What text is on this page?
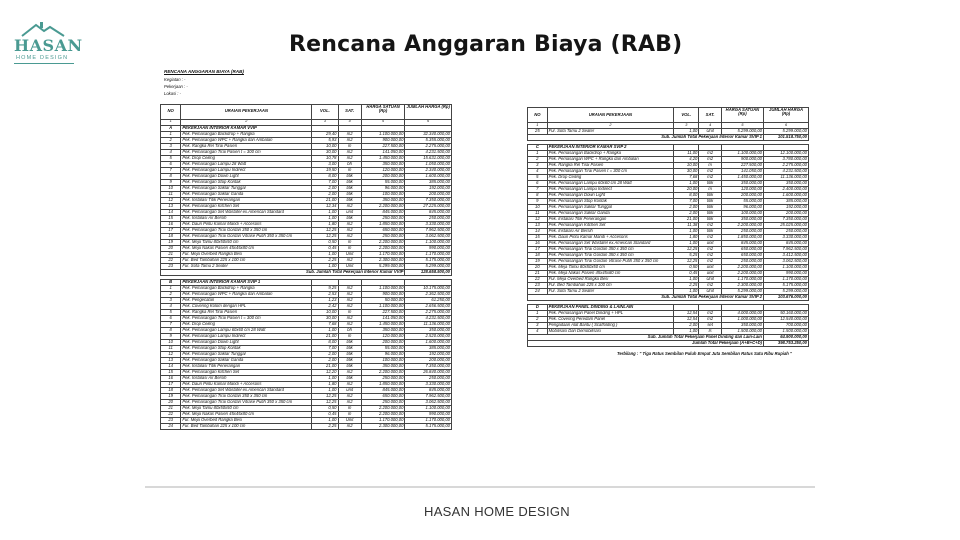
HASAN
HOME DESIGN
Rencana Anggaran Biaya (RAB)
RENCANA ANGGARAN BIAYA (RAB)
Kegiatan : -
Pekerjaan : -
Lokasi : -
NO	URAIAN PEKERJAAN	VOL.	SAT.	HARGA SATUAN (Rp)	JUMLAH HARGA (Rp)
1	2	3	4	5	6
A	PEKERJAAN INTERIOR KAMAR VVIP				
1	Pek. Pemasangan Backdrop + Rangka	29,40	m2	1.100.000,00	32.340.000,00
2	Pek. Pemasangan WPC + Rangka dan Ambalan	5,93	m2	900.000,00	5.355.000,00
3	Pek. Rangka Rel Tirai Pasien	10,00	m	227.500,00	2.275.000,00
4	Pek. Pemasangan Tirai Pasien t = 300 cm	30,00	m2	141.050,00	4.231.500,00
5	Pek. Drop Ceiling	10,78	m2	1.450.000,00	15.631.000,00
6	Pek. Pemasangan Lampu 28 Watt	3,00	bh	350.000,00	1.050.000,00
7	Pek. Pemasangan Lampu Indirect	19,50	m	120.000,00	2.340.000,00
8	Pek. Pemasangan Down Light	8,00	titik	200.000,00	1.600.000,00
9	Pek. Pemasangan Stop Kontak	7,00	titik	55.000,00	385.000,00
10	Pek. Pemasangan Saklar Tunggal	2,00	titik	96.000,00	192.000,00
11	Pek. Pemasangan Saklar Ganda	2,00	titik	100.000,00	200.000,00
12	Pek. Instalasi Titik Penerangan	21,00	titik	350.000,00	7.350.000,00
13	Pek. Pemasangan Kitchen Set	12,34	m2	2.200.000,00	27.225.000,00
14	Pek. Pemasangan Set Wastafel ex.American Standard	1,00	unit	845.000,00	845.000,00
15	Pek. Instalasi Air Bersih	1,00	titik	250.000,00	250.000,00
16	Pek. Daun Pintu Kamar Mandi + Accesoris	1,80	m2	1.850.000,00	3.330.000,00
17	Pek. Pemasangan Tirai Gordan 350 x 350 cm	12,25	m2	650.000,00	7.962.500,00
18	Pek. Pemasangan Tirai Gordan Vitrase Putih 350 x 350 cm	12,25	m2	250.000,00	3.062.500,00
19	Pek. Meja Tamu 80x50x50 cm	0,50	m	2.200.000,00	1.100.000,00
20	Pek. Meja Nakas Pasien 45x45x80 cm	0,45	m	2.200.000,00	990.000,00
21	Fur. Meja Overbed Rangka Besi	1,00	Unit	1.170.000,00	1.170.000,00
22	Fur. Bed Tambahan 225 x 100 cm	2,25	m2	2.300.000,00	5.175.000,00
23	Fur. Sofa Tamu 2 Seater	1,00	Unit	5.299.000,00	5.299.000,00
Sub. Jumlah Total Pekerjaan Interior Kamar VVIP					128.658.500,00

B	PEKERJAAN INTERIOR KAMAR SVIP 1				
1	Pek. Pemasangan Backdrop + Rangka	9,25	m2	1.100.000,00	10.175.000,00
2	Pek. Pemasangan WPC + Rangka dan Ambalan	2,53	m2	900.000,00	2.362.500,00
3	Pek. Pengecatan	1,23	m2	50.000,00	61.250,00
4	Pek. Covering Kolom dengan HPL	2,42	m2	1.100.000,00	2.656.500,00
5	Pek. Rangka Rel Tirai Pasien	10,00	m	227.500,00	2.275.000,00
6	Pek. Pemasangan Tirai Pasien t = 300 cm	30,00	m2	141.050,00	4.231.500,00
7	Pek. Drop Ceiling	7,68	m2	1.450.000,00	11.136.000,00
8	Pek. Pemasangan Lampu 60x60 cm 28 Watt	1,00	bh	350.000,00	350.000,00
9	Pek. Pemasangan Lampu Indirect	21,00	m	120.000,00	2.520.000,00
10	Pek. Pemasangan Down Light	8,00	titik	200.000,00	1.600.000,00
11	Pek. Pemasangan Stop Kontak	7,00	titik	55.000,00	385.000,00
12	Pek. Pemasangan Saklar Tunggal	2,00	titik	96.000,00	192.000,00
13	Pek. Pemasangan Saklar Ganda	2,00	titik	100.000,00	200.000,00
14	Pek. Instalasi Titik Penerangan	21,00	titik	350.000,00	7.350.000,00
15	Pek. Pemasangan Kitchen Set	12,20	m2	2.200.000,00	26.840.000,00
16	Pek. Instalasi Air Bersih	1,00	titik	250.000,00	250.000,00
17	Pek. Daun Pintu Kamar Mandi + Accesoris	1,80	m2	1.850.000,00	3.330.000,00
18	Pek. Pemasangan Set Wastafel ex.American Standard	1,00	unit	845.000,00	845.000,00
19	Pek. Pemasangan Tirai Gordan 350 x 350 cm	12,25	m2	650.000,00	7.962.500,00
20	Pek. Pemasangan Tirai Gordan Vitrase Putih 350 x 350 cm	12,25	m2	250.000,00	3.062.500,00
21	Pek. Meja Tamu 80x50x50 cm	0,50	m	2.200.000,00	1.100.000,00
22	Pek. Meja Nakas Pasien 45x45x80 cm	0,45	m	2.200.000,00	990.000,00
23	Fur. Meja Overbed Rangka Besi	1,00	Unit	1.170.000,00	1.170.000,00
24	Fur. Bed Tambahan 225 x 100 cm	2,25	m2	2.300.000,00	5.175.000,00
NO	URAIAN PEKERJAAN	VOL.	SAT.	HARGA SATUAN (Rp)	JUMLAH HARGA (Rp)
1	2	3	4	5	6
25	Fur. Sofa Tamu 2 Seater	1,00	Unit	5.299.000,00	5.299.000,00
Sub. Jumlah Total Pekerjaan Interior Kamar SVIP 1					101.518.750,00

C	PEKERJAAN INTERIOR KAMAR SVIP 2				
1	Pek. Pemasangan Backdrop + Rangka	11,00	m2	1.100.000,00	12.100.000,00
2	Pek. Pemasangan WPC + Rangka dan Ambalan	4,20	m2	900.000,00	3.780.000,00
3	Pek. Rangka Rel Tirai Pasien	10,00	m	227.500,00	2.275.000,00
4	Pek. Pemasangan Tirai Pasien t = 300 cm	30,00	m2	141.050,00	4.231.500,00
5	Pek. Drop Ceiling	7,68	m2	1.450.000,00	11.136.000,00
6	Pek. Pemasangan Lampu 60x60 cm 28 Watt	1,00	titik	350.000,00	350.000,00
7	Pek. Pemasangan Lampu Indirect	20,00	m	120.000,00	2.400.000,00
8	Pek. Pemasangan Down Light	8,00	titik	200.000,00	1.600.000,00
9	Pek. Pemasangan Stop Kontak	7,00	titik	55.000,00	385.000,00
10	Pek. Pemasangan Saklar Tunggal	2,00	titik	96.000,00	192.000,00
11	Pek. Pemasangan Saklar Ganda	2,00	titik	100.000,00	200.000,00
12	Pek. Instalasi Titik Penerangan	21,00	titik	350.000,00	7.350.000,00
13	Pek. Pemasangan Kitchen Set	11,38	m2	2.200.000,00	25.025.000,00
14	Pek. Instalasi Air Bersih	1,00	titik	250.000,00	250.000,00
15	Pek. Daun Pintu Kamar Mandi + Accesoris	1,80	m2	1.850.000,00	3.330.000,00
16	Pek. Pemasangan Set Wastafel ex.American Standard	1,00	unit	845.000,00	845.000,00
17	Pek. Pemasangan Tirai Gordan 350 x 350 cm	12,25	m2	650.000,00	7.962.500,00
18	Pek. Pemasangan Tirai Gordan 350 x 350 cm	5,25	m2	650.000,00	3.412.500,00
19	Pek. Pemasangan Tirai Gordan Vitrase Putih 350 x 350 cm	12,25	m2	250.000,00	3.062.500,00
20	Pek. Meja Tamu 80x50x50 cm	0,50	unit	2.200.000,00	1.100.000,00
21	Pek. Meja Nakas Pasien 45x45x80 cm	0,45	unit	2.200.000,00	990.000,00
22	Fur. Meja Overbed Rangka Besi	1,00	Unit	1.170.000,00	1.170.000,00
23	Fur. Bed Tambahan 225 x 100 cm	2,25	m2	2.300.000,00	5.175.000,00
24	Fur. Sofa Tamu 2 Seater	1,00	Unit	5.299.000,00	5.299.000,00
Sub. Jumlah Total Pekerjaan Interior Kamar SVIP 2					103.676.000,00

D	PEKERJAAN PANEL DINDING & LAINLAIN				
1	Pek. Pemasangan Panel Dinding + HPL	12,54	m2	4.000.000,00	50.160.000,00
2	Pek. Covering Peredam Panel	12,54	m2	1.000.000,00	12.540.000,00
3	Pengadaan Alat Bantu ( Scaffolding )	2,00	set	350.000,00	700.000,00
4	Mobilisasi Dan Demobilisasi	1,00	ls	1.500.000,00	1.500.000,00
Sub. Jumlah Total Pekerjaan Panel Dinding dan Lain-Lain					64.900.000,00
Jumlah Total Pekerjaan (A+B+C+D)					398.753.250,00
Terbilang : " Tiga Ratus Sembilan Puluh Empat Juta Sembilan Ratus Satu Ribu Rupiah "
HASAN HOME DESIGN
